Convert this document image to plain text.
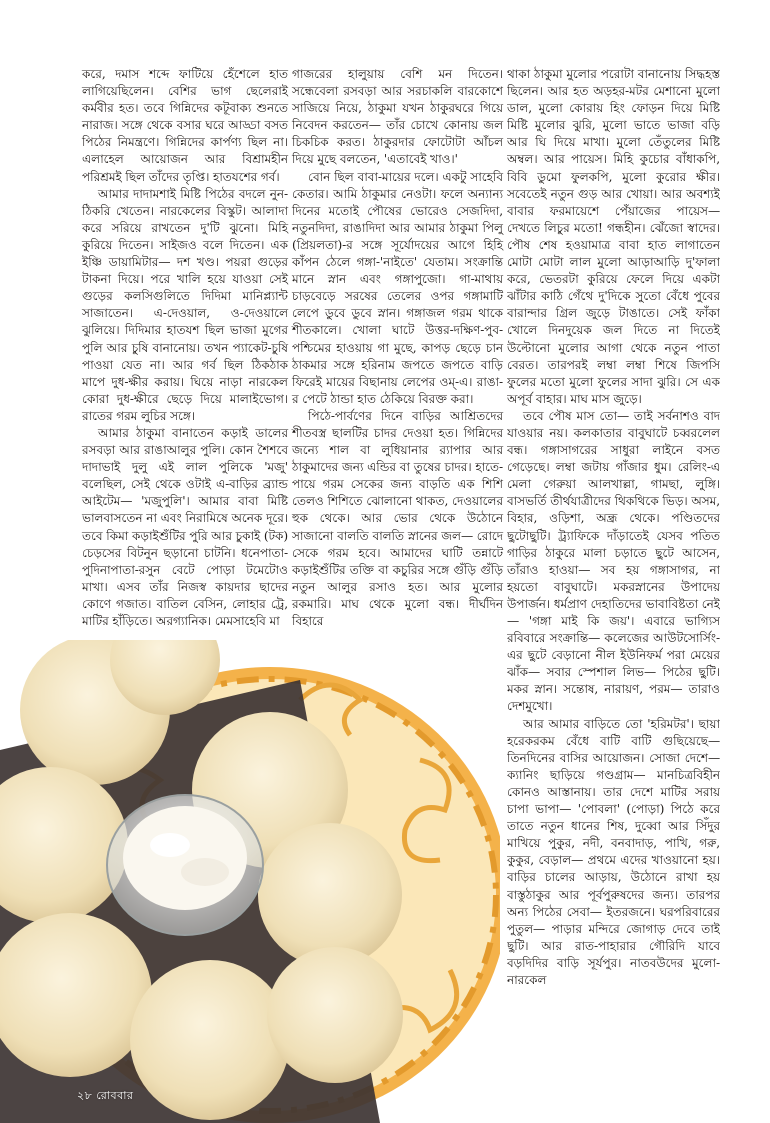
করে, দমাস শব্দে ফাটিয়ে হেঁশেলে হাত লাগিয়েছিলেন। বেশির ভাগ ছেলেরাই কর্মবীর হত। তবে গিন্নিদের কটূবাক্য শুনতে নারাজ। সঙ্গে থেকে বসার ঘরে আড্ডা বসত পিঠের নিমন্ত্রণে। গিন্নিদের কার্পণ্য ছিল না। এলাহেল আয়োজন আর বিশ্রামহীন পরিশ্রমই ছিল তাঁদের তৃপ্তি। হাতযশের গর্ব।

আমার দাদামশাই মিষ্টি পিঠের বদলে নুন-ঠিকরি খেতেন। নারকেলের বিস্কুট। আলাদা করে সরিয়ে রাখতেন দু'টি ঝুনো। মিহি কুরিয়ে দিতেন। সাইজও বলে দিতেন। এক ইঞ্চি ডায়ামিটার— দশ খণ্ড। পয়রা গুড়ের টাকনা দিয়ে। পরে খালি হয়ে যাওয়া সেই গুড়ের কলসিগুলিতে দিদিমা মানিপ্ল্যান্ট সাজাতেন। এ-দেওয়াল, ও-দেওয়ালে ঝুলিয়ে। দিদিমার হাতযশ ছিল ভাজা মুগের পুলি আর চুষি বানানোয়। তখন প্যাকেট-চুষি পাওয়া যেত না। আর গর্ব ছিল ঠিকঠাক মাপে দুধ-ক্ষীর করায়। ঘিয়ে নাড়া নারকেল কোরা দুধ-ক্ষীরে ছেড়ে দিয়ে মালাইভোগ। রাতের গরম লুচির সঙ্গে।

আমার ঠাকুমা বানাতেন কড়াই ডালের রসবড়া আর রাঙাআলুর পুলি। কোন শৈশবে দাদাভাই দুলু এই লাল পুলিকে 'মজু' বলেছিল, সেই থেকে ওটাই এ-বাড়ির ব্র্যান্ড আইটেম— 'মজুপুলি'। আমার বাবা মিষ্টি ভালবাসতেন না এবং নিরামিষে অনেক দূরে। তবে কিমা কড়াইশুঁটির পুরি আর চুকাই (টক) চেড়সের বিটনুন ছড়ানো চাটনি। ধনেপাতা-পুদিনাপাতা-রসুন বেটে পোড়া টমেটোও মাখা। এসব তাঁর নিজস্ব কায়দার ছাদের কোণে গজাত। বাতিল বেসিন, লোহার ট্রে, মাটির হাঁড়িতে। অরগ্যানিক। মেমসাহেবি মা

গাজরের হালুয়ায় বেশি মন দিতেন। সন্ধেবেলা রসবড়া আর সরচাকলি বারকোশে সাজিয়ে নিয়ে, ঠাকুমা যখন ঠাকুরঘরে গিয়ে নিবেদন করতেন— তাঁর চোখে কোনায় জল চিকচিক করত। ঠাকুরদার ফোটোটা আঁচল দিয়ে মুছে বলতেন, 'এতাবেই খাও।'

বোন ছিল বাবা-মায়ের দলে। একটু সাহেবি কেতার। আমি ঠাকুমার নেওটা। ফলে অন্যান্য দিনের মতোই পৌষের ভোরেও সেজদিদা, নতুনদিদা, রাঙাদিদা আর আমার ঠাকুমা পিলু (প্রিয়লতা)-র সঙ্গে সূর্যোদয়ের আগে হিহি কাঁপন ঠেলে গঙ্গা-'নাইতে' যেতাম। সংক্রান্তি মানে স্নান এবং গঙ্গাপুজো। গা-মাথায় চাড়বেড়ে সরষের তেলের ওপর গঙ্গামাটি লেপে ডুবে ডুবে স্নান। গঙ্গাজল গরম থাকে শীতকালে। খোলা ঘাটে উত্তর-দক্ষিণ-পুব-পশ্চিমের হাওয়ায় গা মুছে, কাপড় ছেড়ে চান ঠাকমার সঙ্গে হরিনাম জপতে জপতে বাড়ি ফিরেই মায়ের বিছানায় লেপের ওম্-এ। রাঙা-র পেটে ঠান্ডা হাত ঠেকিয়ে বিরক্ত করা।

পিঠে-পার্বণের দিনে বাড়ির আশ্রিতদের শীতবস্ত্র ছালটির চাদর দেওয়া হত। গিন্নিদের জন্যে শাল বা লুধিয়ানার র‍্যাপার আর ঠাকুমাদের জন্য এন্ডির বা তুষের চাদর। হাতে-পায়ে গরম সেকের জন্য বাড়তি এক শিশি তেলও শিশিতে ঝোলানো থাকত, দেওয়ালের হুক থেকে। আর ভোর থেকে উঠোনে সাজানো বালতি বালতি স্নানের জল— রোদে সেকে গরম হবে। আমাদের ঘাটি তন্নাটে কড়াইশুঁটির তক্তি বা কচুরির সঙ্গে গুঁড়ি গুঁড়ি নতুন আলুর রসাও হত। আর মুলোর রকমারি। মাঘ থেকে মুলো বন্ধ। দীর্ঘদিন বিহারে

থাকা ঠাকুমা মুলোর পরোটা বানানোয় সিদ্ধহস্ত ছিলেন। আর হত অড়হর-মটর মেশানো মুলো ডাল, মুলো কোরায় হিং ফোড়ন দিয়ে মিষ্টি মিষ্টি মুলোর ঝুরি, মুলো ভাতে ভাজা বড়ি আর ঘি দিয়ে মাখা। মুলো তেঁতুলের মিষ্টি অম্বল। আর পায়েস। মিহি কুচোর বাঁধাকপি, বিবি ডুমো ফুলকপি, মুলো কুরোর ক্ষীর। সবেতেই নতুন গুড় আর খোয়া। আর অবশ্যই বাবার ফরমায়েশে পেঁয়াজের পায়েস— দেখতে লিচুর মতো! গন্ধহীন। ঝেঁজো স্বাদের। পৌষ শেষ হওয়ামাত্র বাবা হাত লাগাতেন মোটা মোটা লাল মুলো আড়াআড়ি দু'ফালা করে, ভেতরটা কুরিয়ে ফেলে দিয়ে একটা ঝাঁটার কাঠি গেঁথে দু'দিকে সুতো বেঁধে পুবের বারান্দার গ্রিল জুড়ে টাঙাতে। সেই ফাঁকা খোলে দিনদুয়েক জল দিতে না দিতেই উল্টোনো মুলোর আগা থেকে নতুন পাতা বেরত। তারপরই লম্বা লম্বা শিষে জিপসি ফুলের মতো মুলো ফুলের সাদা ঝুরি। সে এক অপূর্ব বাহার। মাঘ মাস জুড়ে।

তবে পৌষ মাস তো— তাই সর্বনাশও বাদ যাওয়ার নয়। কলকাতার বাবুঘাটে চব্বরলেল বন্ধ। গঙ্গাসাগরের সাধুরা লাইনে বসত গেড়েছে। লম্বা জটায় গাঁজার ধুম। রেলিং-এ মেলা গেরুয়া আলখাল্লা, গামছা, লুঙ্গি। বাসভর্তি তীর্থযাত্রীদের থিকথিকে ভিড়। অসম, বিহার, ওড়িশা, অন্ধ্র থেকে। পণ্ডিতদের ছুটোছুটি। ট্র্যাফিকে দাঁড়াতেই যেসব পতিত গাড়ির ঠাকুরে মালা চড়াতে ছুটে আসেন, তাঁরাও হাওয়া— সব হয় গঙ্গাসাগর, না হয়তো বাবুঘাটে। মকরস্নানের উপাদেয় উপার্জন। ধর্মপ্রাণ দেহাতিদের ভাবাবিষ্টতা নেই— 'গঙ্গা মাই কি জয়'। এবারে ভাগ্যিস রবিবারে সংক্রান্তি— কলেজের আউটসোর্সিং-এর ছুটে বেড়ানো নীল ইউনিফর্ম পরা মেয়ের ঝাঁক— সবার স্পেশাল লিভ— পিঠের ছুটি। মকর স্নান। সন্তোষ, নারায়ণ, পরম— তারাও দেশমুখো।

আর আমার বাড়িতে তো 'হরিমটর'। ছায়া হরেকরকম বেঁধে বাটি বাটি গুছিয়েছে— তিনদিনের বাসির আয়োজন। সোজা দেশে— ক্যানিং ছাড়িয়ে গণ্ডগ্রাম— মানচিত্রবিহীন কোনও আস্তানায়। তার দেশে মাটির সরায় চাপা ভাপা— 'পোবলা' (পোড়া) পিঠে করে তাতে নতুন ধানের শিষ, দুব্বো আর সিঁদুর মাখিয়ে পুকুর, নদী, বনবাদাড়, পাখি, গরু, কুকুর, বেড়াল— প্রথমে এদের খাওয়ানো হয়। বাড়ির চালের আড়ায়, উঠোনে রাখা হয় বাস্তুঠাকুর আর পূর্বপুরুষদের জন্য। তারপর অন্য পিঠের সেবা— ইতরজনে। ঘরপরিবারের পুতুল— পাড়ার মন্দিরে জোগাড় দেবে তাই ছুটি। আর রাত-পাহারার গৌরিদি যাবে বড়দিদির বাড়ি সূর্যপুর। নাতবউদের মুলো-নারকেল

২৮ রোববার
